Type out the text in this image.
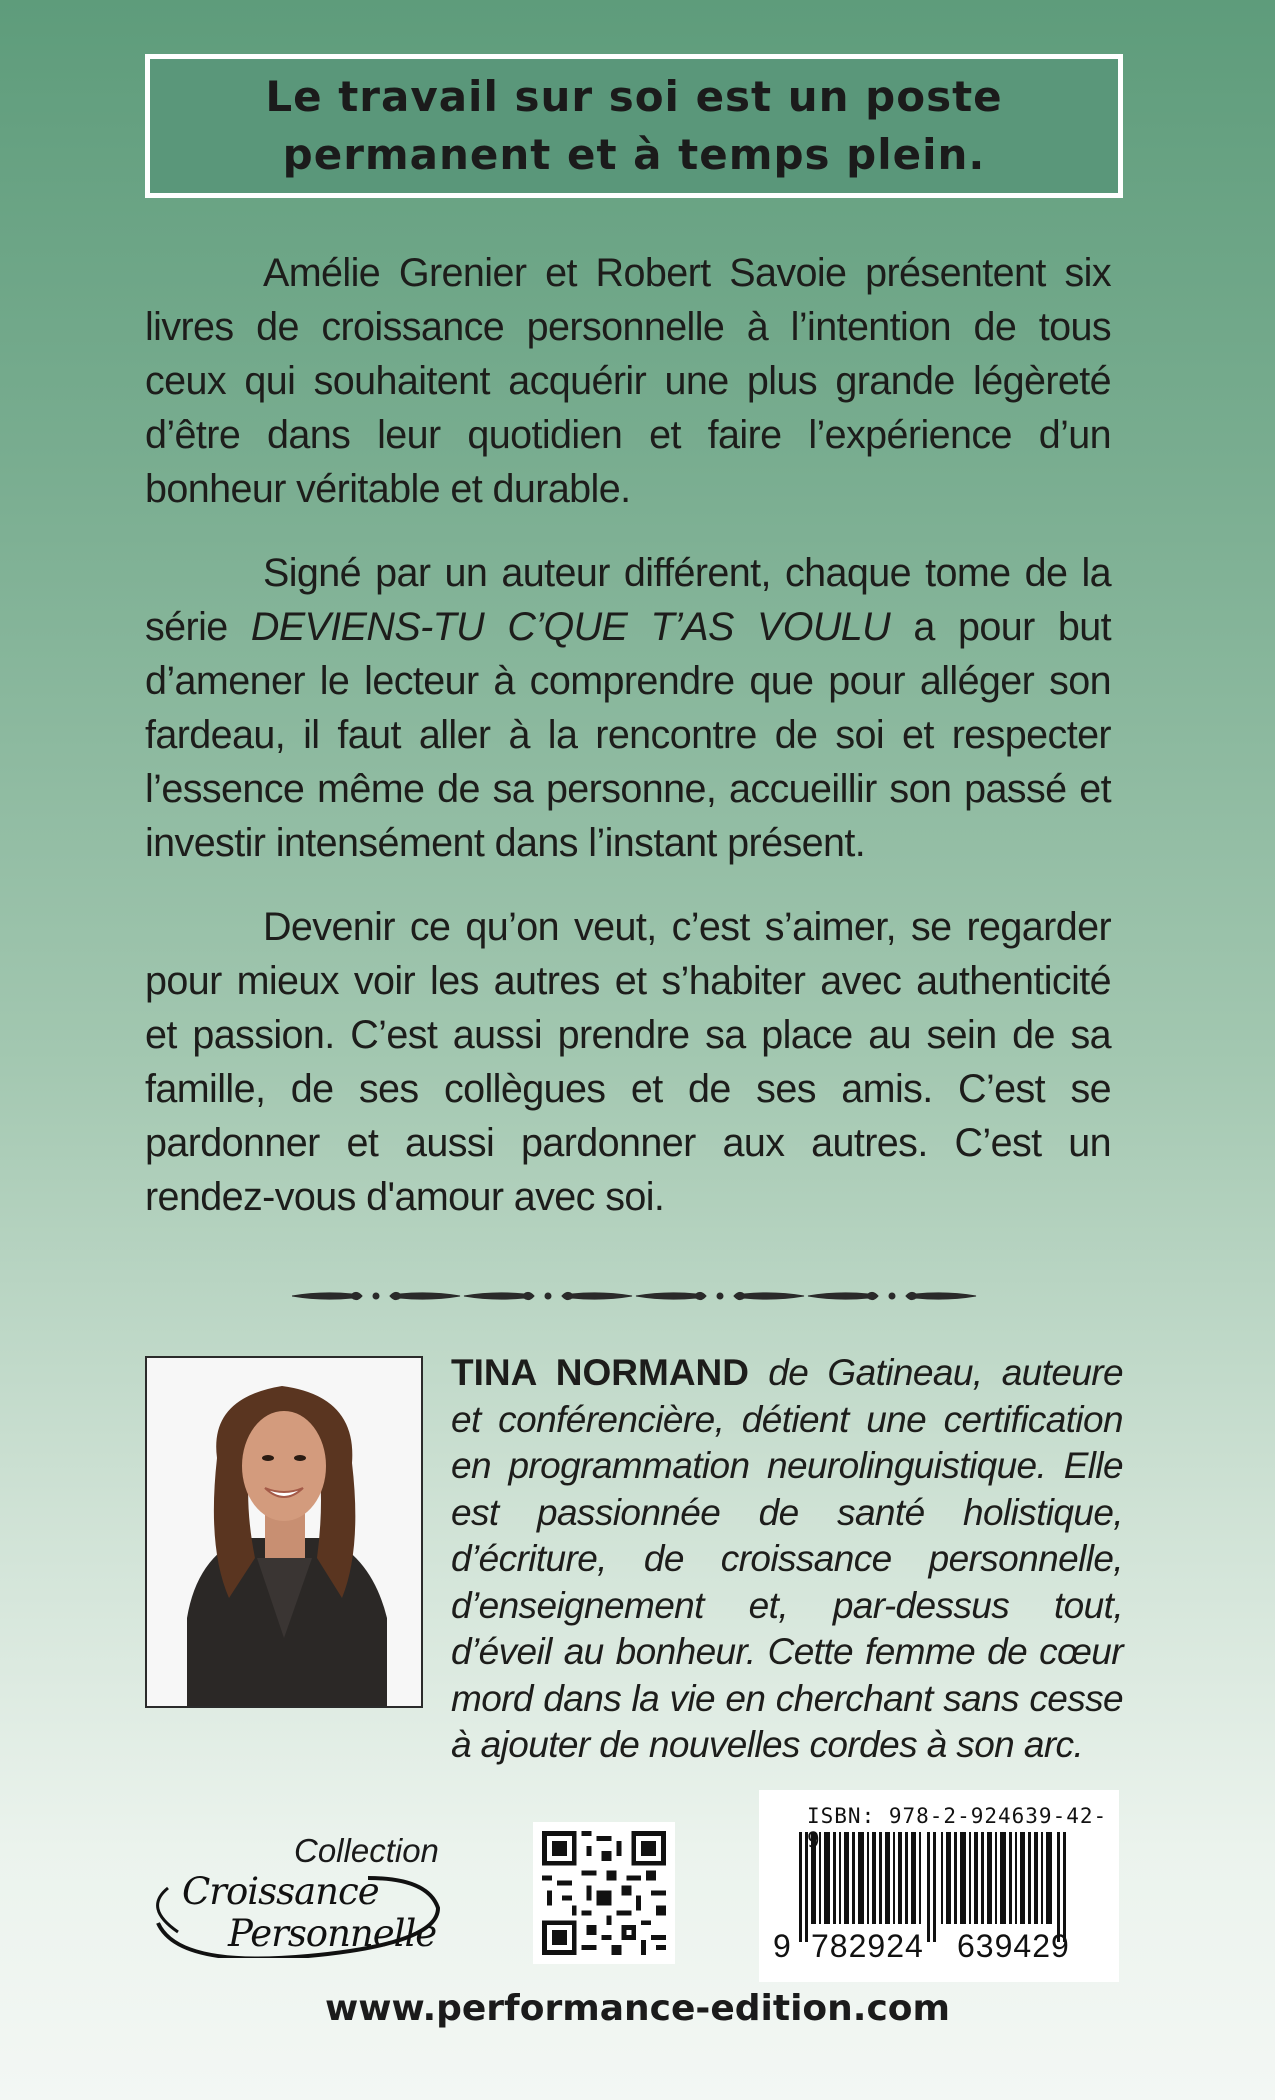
Le travail sur soi est un poste permanent et à temps plein.

Amélie Grenier et Robert Savoie présentent six livres de croissance personnelle à l’intention de tous ceux qui souhaitent acquérir une plus grande légèreté d’être dans leur quotidien et faire l’expérience d’un bonheur véritable et durable.

Signé par un auteur différent, chaque tome de la série DEVIENS-TU C’QUE T’AS VOULU a pour but d’amener le lecteur à comprendre que pour alléger son fardeau, il faut aller à la rencontre de soi et respecter l’essence même de sa personne, accueillir son passé et investir intensément dans l’instant présent.

Devenir ce qu’on veut, c’est s’aimer, se regarder pour mieux voir les autres et s’habiter avec authenticité et passion. C’est aussi prendre sa place au sein de sa famille, de ses collègues et de ses amis. C’est se pardonner et aussi pardonner aux autres. C’est un rendez-vous d'amour avec soi.

TINA NORMAND de Gatineau, auteure et conférencière, détient une certification en programmation neurolinguistique. Elle est passionnée de santé holistique, d’écriture, de croissance personnelle, d’enseignement et, par-dessus tout, d’éveil au bonheur. Cette femme de cœur mord dans la vie en cherchant sans cesse à ajouter de nouvelles cordes à son arc.
Collection
Croissance
Personnelle
ISBN: 978-2-924639-42-
9 782924	639429
www.performance-edition.com
